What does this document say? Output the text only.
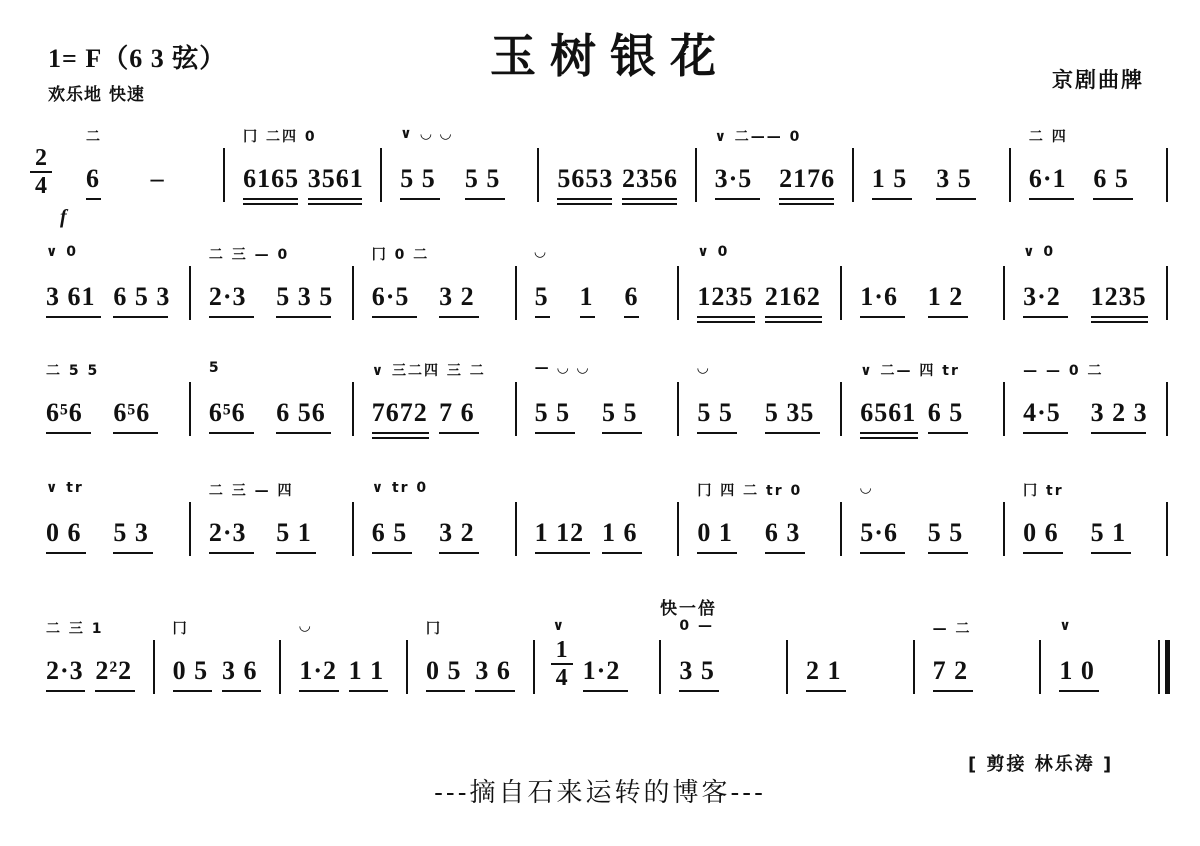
1= F（6 3 弦）
欢乐地 快速
玉树银花	京剧曲牌
快一倍
[ 剪接 林乐涛 ]
---摘自石来运转的博客---
2
4
f
二
6 –
冂 二四 0
6165 3561
∨ ◡ ◡
5 5 5 5 5653 2356
∨ 二—— 0
3·5 2176 1 5 3 5
二 四
6·1 6 5
∨ 0
3 61 6 5 3
二 三 — 0
2·3 5 3 5
冂 0 二
6·5 3 2
◡
5 1 6
∨ 0
1235 2162 1·6 1 2
∨ 0
3·2 1235
二 5 5
6⁵6 6⁵6
5
6⁵6 6 56
∨ 三二四 三 二
7672 7 6
— ◡ ◡
5 5 5 5
◡
5 5 5 35
∨ 二— 四 tr
6561 6 5
— — 0 二
4·5 3 2 3
∨ tr
0 6 5 3
二 三 — 四
2·3 5 1
∨ tr 0
6 5 3 2 1 12 1 6
冂 四 二 tr 0
0 1 6 3
◡
5·6 5 5
冂 tr
0 6 5 1
二 三 1
2·3 2²2
冂
0 5 3 6
◡
1·2 1 1
冂
0 5 3 6
∨
1
4 1·2
0 —
3 5	2 1
— 二
7 2
∨
1 0
